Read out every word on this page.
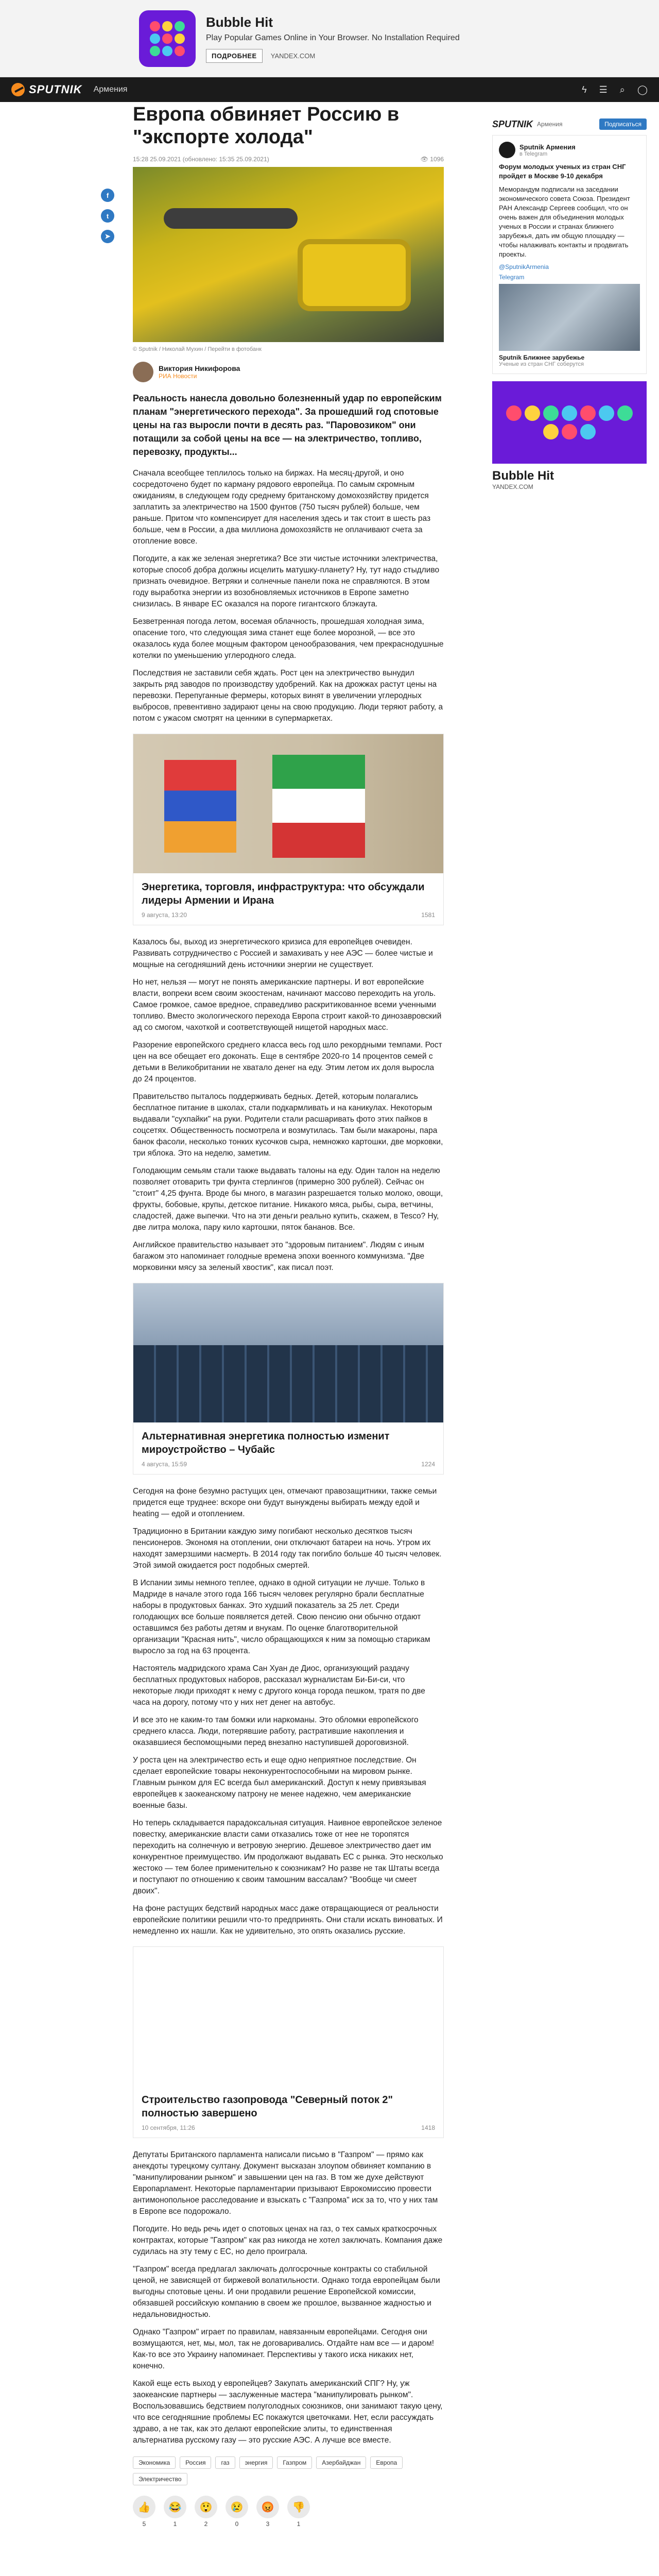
Bubble Hit

Play Popular Games Online in Your Browser. No Installation Required

ПОДРОБНЕЕ	YANDEX.COM
SPUTNIK Армения	ϟ ☰ ⌕ ◯
f
t
➤
Европа обвиняет Россию в "экспорте холода"
15:28 25.09.2021 (обновлено: 15:35 25.09.2021)	👁 1096
© Sputnik / Николай Мухин / Перейти в фотобанк
Виктория Никифорова
РИА Новости

Реальность нанесла довольно болезненный удар по европейским планам "энергетического перехода". За прошедший год спотовые цены на газ выросли почти в десять раз. "Паровозиком" они потащили за собой цены на все — на электричество, топливо, перевозку, продукты...

Сначала всеобщее теплилось только на биржах. На месяц-другой, и оно сосредоточено будет по карману рядового европейца. По самым скромным ожиданиям, в следующем году среднему британскому домохозяйству придется заплатить за электричество на 1500 фунтов (750 тысяч рублей) больше, чем раньше. Притом что компенсирует для населения здесь и так стоит в шесть раз больше, чем в России, а два миллиона домохозяйств не оплачивают счета за отопление вовсе.

Погодите, а как же зеленая энергетика? Все эти чистые источники электричества, которые способ добра должны исцелить матушку-планету? Ну, тут надо стыдливо признать очевидное. Ветряки и солнечные панели пока не справляются. В этом году выработка энергии из возобновляемых источников в Европе заметно снизилась. В январе ЕС оказался на пороге гигантского блэкаута.

Безветренная погода летом, восемая облачность, прошедшая холодная зима, опасение того, что следующая зима станет еще более морозной, — все это оказалось куда более мощным фактором ценообразования, чем прекраснодушные котелки по уменьшению углеродного следа.

Последствия не заставили себя ждать. Рост цен на электричество вынудил закрыть ряд заводов по производству удобрений. Как на дрожжах растут цены на перевозки. Перепуганные фермеры, которых винят в увеличении углеродных выбросов, превентивно задирают цены на свою продукцию. Люди теряют работу, а потом с ужасом смотрят на ценники в супермаркетах.

Энергетика, торговля, инфраструктура: что обсуждали лидеры Армении и Ирана
9 августа, 13:20	1581

Казалось бы, выход из энергетического кризиса для европейцев очевиден. Развивать сотрудничество с Россией и замахивать у нее АЭС — более чистые и мощные на сегодняшний день источники энергии не существует.

Но нет, нельзя — могут не понять американские партнеры. И вот европейские власти, вопреки всем своим экоостенам, начинают массово переходить на уголь. Самое громкое, самое вредное, справедливо раскритикованное всеми ученными топливо. Вместо экологического перехода Европа строит какой-то динозавровский ад со смогом, чахоткой и соответствующей нищетой народных масс.

Разорение европейского среднего класса весь год шло рекордными темпами. Рост цен на все обещает его доконать. Еще в сентябре 2020-го 14 процентов семей с детьми в Великобритании не хватало денег на еду. Этим летом их доля выросла до 24 процентов.

Правительство пыталось поддерживать бедных. Детей, которым полагались бесплатное питание в школах, стали подкармливать и на каникулах. Некоторым выдавали "сухпайки" на руки. Родители стали расшаривать фото этих пайков в соцсетях. Общественность посмотрела и возмутилась. Там были макароны, пара банок фасоли, несколько тонких кусочков сыра, немножко картошки, две морковки, три яблока. Это на неделю, заметим.

Голодающим семьям стали также выдавать талоны на еду. Один талон на неделю позволяет отоварить три фунта стерлингов (примерно 300 рублей). Сейчас он "стоит" 4,25 фунта. Вроде бы много, в магазин разрешается только молоко, овощи, фрукты, бобовые, крупы, детское питание. Никакого мяса, рыбы, сыра, ветчины, сладостей, даже выпечки. Что на эти деньги реально купить, скажем, в Tesco? Ну, две литра молока, пару кило картошки, пяток бананов. Все.

Английское правительство называет это "здоровым питанием". Людям с иным багажом это напоминает голодные времена эпохи военного коммунизма. "Две морковинки мясу за зеленый хвостик", как писал поэт.

Альтернативная энергетика полностью изменит мироустройство – Чубайс
4 августа, 15:59	1224

Сегодня на фоне безумно растущих цен, отмечают правозащитники, также семьи придется еще труднее: вскоре они будут вынуждены выбирать между едой и heating — едой и отоплением.

Традиционно в Британии каждую зиму погибают несколько десятков тысяч пенсионеров. Экономя на отоплении, они отключают батареи на ночь. Утром их находят замерзшими насмерть. В 2014 году так погибло больше 40 тысяч человек. Этой зимой ожидается рост подобных смертей.

В Испании зимы немного теплее, однако в одной ситуации не лучше. Только в Мадриде в начале этого года 166 тысяч человек регулярно брали бесплатные наборы в продуктовых банках. Это худший показатель за 25 лет. Среди голодающих все больше появляется детей. Свою пенсию они обычно отдают оставшимся без работы детям и внукам. По оценке благотворительной организации "Красная нить", число обращающихся к ним за помощью старикам выросло за год на 63 процента.

Настоятель мадридского храма Сан Хуан де Диос, организующий раздачу бесплатных продуктовых наборов, рассказал журналистам Би-Би-си, что некоторые люди приходят к нему с другого конца города пешком, тратя по две часа на дорогу, потому что у них нет денег на автобус.

И все это не каким-то там бомжи или наркоманы. Это обломки европейского среднего класса. Люди, потерявшие работу, растратившие накопления и оказавшиеся беспомощными перед внезапно наступившей дороговизной.

У роста цен на электричество есть и еще одно неприятное последствие. Он сделает европейские товары неконкурентоспособными на мировом рынке. Главным рынком для ЕС всегда был американский. Доступ к нему привязывая европейцев к заокеанскому патрону не менее надежно, чем американские военные базы.

Но теперь складывается парадоксальная ситуация. Наивное европейское зеленое повестку, американские власти сами отказались тоже от нее не торопятся переходить на солнечную и ветровую энергию. Дешевое электричество дает им конкурентное преимущество. Им продолжают выдавать ЕС с рынка. Это несколько жестоко — тем более применительно к союзникам? Но разве не так Штаты всегда и поступают по отношению к своим тамошним вассалам? "Вообще чи смеет двоих".

На фоне растущих бедствий народных масс даже отвращающиеся от реальности европейские политики решили что-то предпринять. Они стали искать виноватых. И немедленно их нашли. Как не удивительно, это опять оказались русские.

Строительство газопровода "Северный поток 2" полностью завершено
10 сентября, 11:26	1418

Депутаты Британского парламента написали письмо в "Газпром" — прямо как анекдоты турецкому султану. Документ высказан злоупом обвиняет компанию в "манипулировании рынком" и завышении цен на газ. В том же духе действуют Европарламент. Некоторые парламентарии призывают Еврокомиссию провести антимонопольное расследование и взыскать с "Газпрома" иск за то, что у них там в Европе все подорожало.

Погодите. Но ведь речь идет о спотовых ценах на газ, о тех самых краткосрочных контрактах, которые "Газпром" как раз никогда не хотел заключать. Компания даже судилась на эту тему с ЕС, но дело проиграла.

"Газпром" всегда предлагал заключать долгосрочные контракты со стабильной ценой, не зависящей от биржевой волатильности. Однако тогда европейцам были выгодны спотовые цены. И они продавили решение Европейской комиссии, обязавшей российскую компанию в своем же прошлое, вызванное жадностью и недальновидностью.

Однако "Газпром" играет по правилам, навязанным европейцами. Сегодня они возмущаются, нет, мы, мол, так не договаривались. Отдайте нам все — и даром! Как-то все это Украину напоминает. Перспективы у такого иска никаких нет, конечно.

Какой еще есть выход у европейцев? Закупать американский СПГ? Ну, уж заокеанские партнеры — заслуженные мастера "манипулировать рынком". Воспользовавшись бедствием полуголодных союзников, они занимают такую цену, что все сегодняшние проблемы ЕС покажутся цветочками. Нет, если рассуждать здраво, а не так, как это делают европейские элиты, то единственная альтернатива русскому газу — это русские АЭС. А лучше все вместе.

Экономика	Россия	газ	энергия	Газпром	Азербайджан	Европа
Электричество
👍
5
😂
1
😲
2
😢
0
😡
3
👎
1
SPUTNIK Армения	Подписаться
Sputnik Армения
в Telegram

Форум молодых ученых из стран СНГ пройдет в Москве 9-10 декабря

Меморандум подписали на заседании экономического совета Союза. Президент РАН Александр Сергеев сообщил, что он очень важен для объединения молодых ученых в России и странах ближнего зарубежья, дать им общую площадку — чтобы налаживать контакты и продвигать проекты.

@SputnikArmenia
Telegram
Sputnik Ближнее зарубежье
Ученые из стран СНГ соберутся
Bubble Hit
YANDEX.COM
